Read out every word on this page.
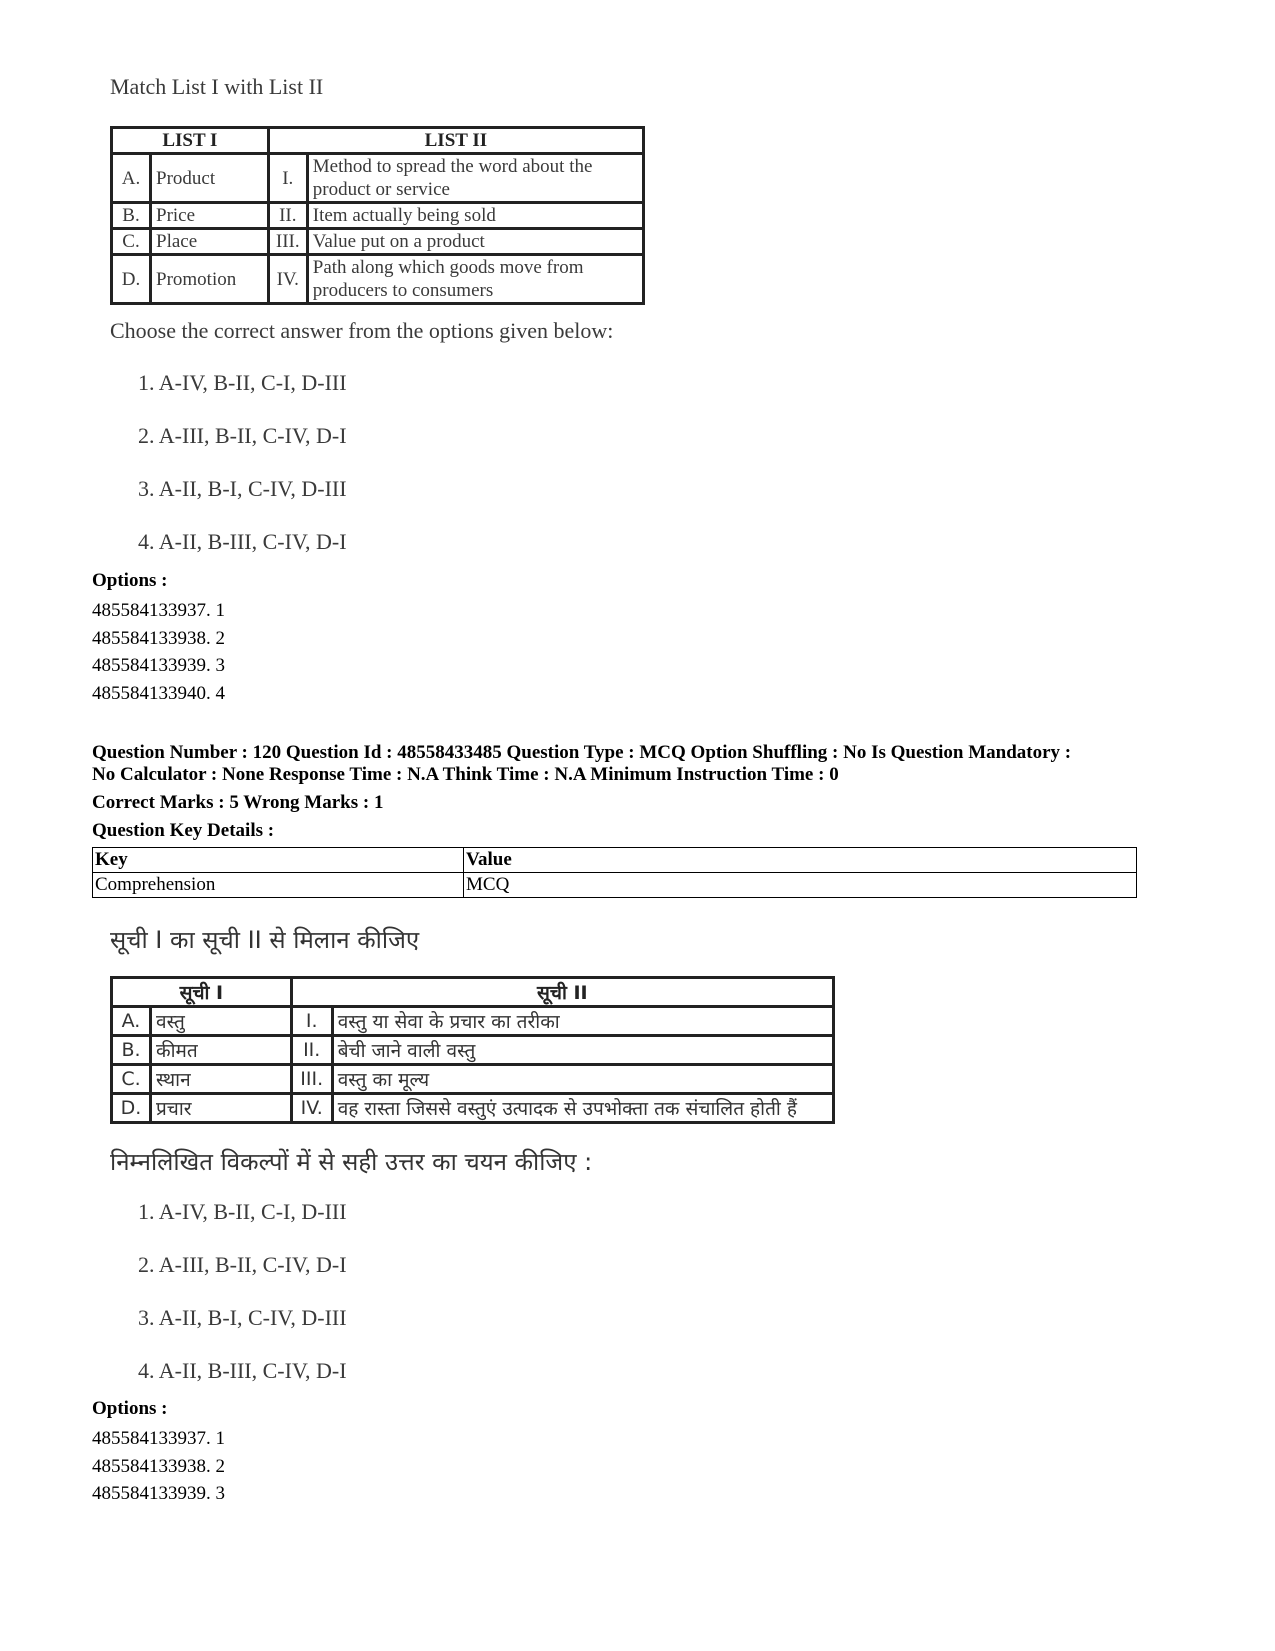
Match List I with List II
LIST I		LIST II	
A.	Product	I.	Method to spread the word about the product or service
B.	Price	II.	Item actually being sold
C.	Place	III.	Value put on a product
D.	Promotion	IV.	Path along which goods move from producers to consumers
Choose the correct answer from the options given below:
1. A-IV, B-II, C-I, D-III
2. A-III, B-II, C-IV, D-I
3. A-II, B-I, C-IV, D-III
4. A-II, B-III, C-IV, D-I
Options :
485584133937. 1
485584133938. 2
485584133939. 3
485584133940. 4
Question Number : 120 Question Id : 48558433485 Question Type : MCQ Option Shuffling : No Is Question Mandatory :
No Calculator : None Response Time : N.A Think Time : N.A Minimum Instruction Time : 0
Correct Marks : 5 Wrong Marks : 1
Question Key Details :
Key	Value
Comprehension	MCQ
सूची I का सूची II से मिलान कीजिए
सूची I		सूची II	
A.	वस्तु	I.	वस्तु या सेवा के प्रचार का तरीका
B.	कीमत	II.	बेची जाने वाली वस्तु
C.	स्थान	III.	वस्तु का मूल्य
D.	प्रचार	IV.	वह रास्ता जिससे वस्तुएं उत्पादक से उपभोक्ता तक संचालित होती हैं
निम्नलिखित विकल्पों में से सही उत्तर का चयन कीजिए :
1. A-IV, B-II, C-I, D-III
2. A-III, B-II, C-IV, D-I
3. A-II, B-I, C-IV, D-III
4. A-II, B-III, C-IV, D-I
Options :
485584133937. 1
485584133938. 2
485584133939. 3
